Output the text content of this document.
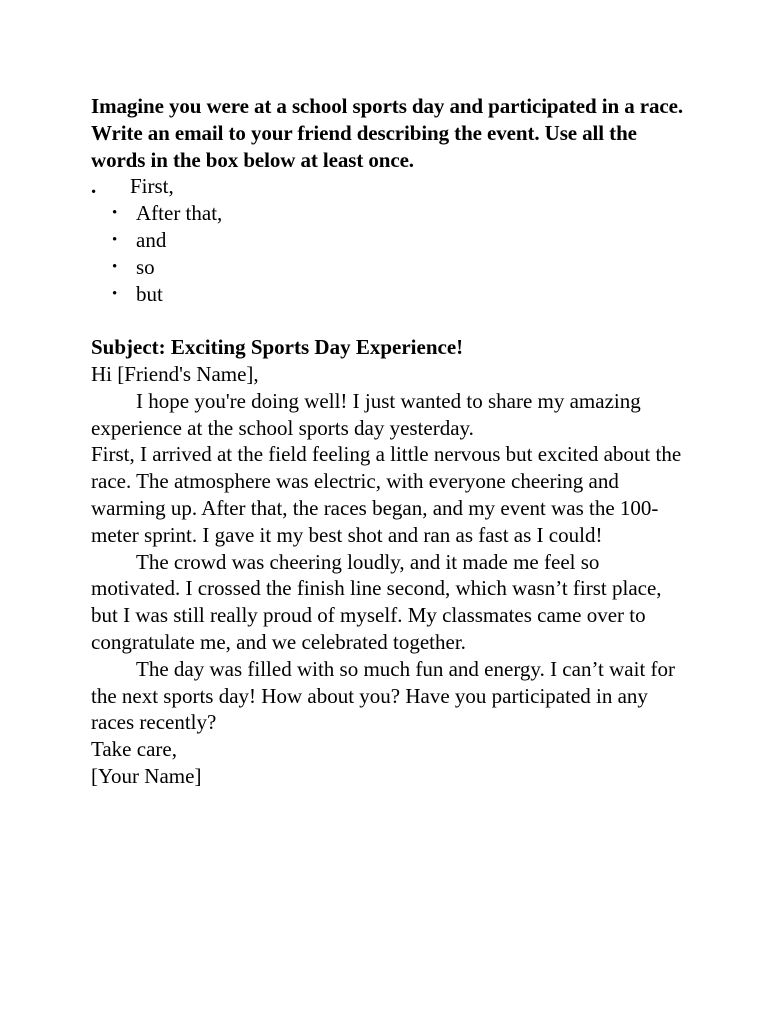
Imagine you were at a school sports day and participated in a race. Write an email to your friend describing the event. Use all the words in the box below at least once.

. First,
• After that,
• and
• so
• but

Subject: Exciting Sports Day Experience!

Hi [Friend's Name],

I hope you're doing well! I just wanted to share my amazing experience at the school sports day yesterday.

First, I arrived at the field feeling a little nervous but excited about the race. The atmosphere was electric, with everyone cheering and warming up. After that, the races began, and my event was the 100-meter sprint. I gave it my best shot and ran as fast as I could!

The crowd was cheering loudly, and it made me feel so motivated. I crossed the finish line second, which wasn’t first place, but I was still really proud of myself. My classmates came over to congratulate me, and we celebrated together.

The day was filled with so much fun and energy. I can’t wait for the next sports day! How about you? Have you participated in any races recently?

Take care,

[Your Name]
